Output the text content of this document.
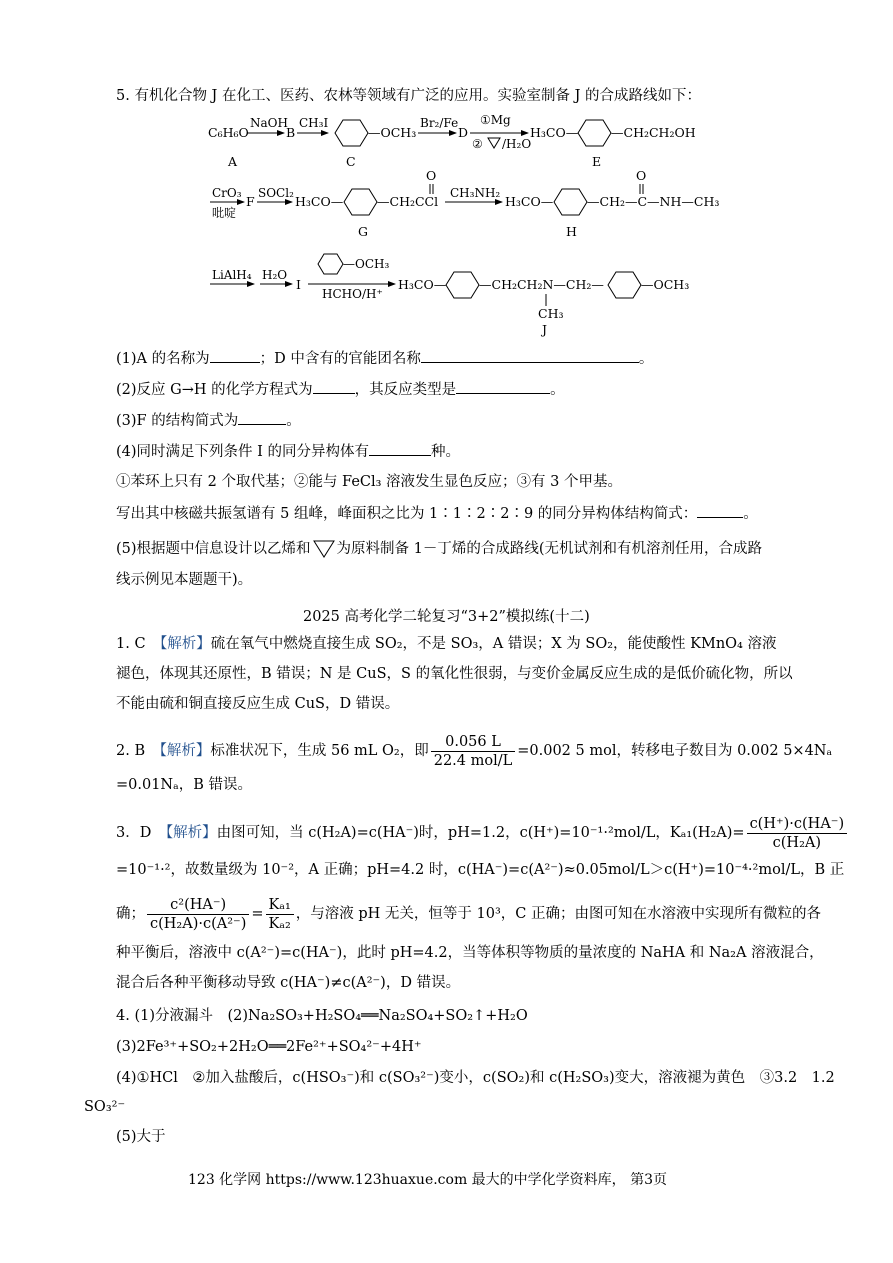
5. 有机化合物 J 在化工、医药、农林等领域有广泛的应用。实验室制备 J 的合成路线如下：
C₆H₆O
NaOH
B
CH₃I
—OCH₃
Br₂/Fe
D
①Mg
② /H₂O
H₃CO—	—CH₂CH₂OH
A	C	E
CrO₃
吡啶
F
SOCl₂
H₃CO—	—CH₂CCl
O
CH₃NH₂
H₃CO—	—CH₂—C—NH—CH₃
O
G	H
LiAlH₄ H₂O
I
—OCH₃
HCHO/H⁺
H₃CO—	—CH₂CH₂N—CH₂—	—OCH₃
CH₃
J
(1)A 的名称为	；D 中含有的官能团名称	。
(2)反应 G→H 的化学方程式为	，其反应类型是	。
(3)F 的结构简式为	。
(4)同时满足下列条件 I 的同分异构体有	种。
①苯环上只有 2 个取代基；②能与 FeCl₃ 溶液发生显色反应；③有 3 个甲基。
写出其中核磁共振氢谱有 5 组峰，峰面积之比为 1∶1∶2∶2∶9 的同分异构体结构简式：	。
(5)根据题中信息设计以乙烯和 为原料制备 1－丁烯的合成路线(无机试剂和有机溶剂任用，合成路
线示例见本题题干)。
2025 高考化学二轮复习“3+2”模拟练(十二)
1. C　 【解析】硫在氧气中燃烧直接生成 SO₂，不是 SO₃，A 错误；X 为 SO₂，能使酸性 KMnO₄ 溶液
褪色，体现其还原性，B 错误；N 是 CuS，S 的氧化性很弱，与变价金属反应生成的是低价硫化物，所以
不能由硫和铜直接反应生成 CuS，D 错误。
2. B　 【解析】标准状况下，生成 56 mL O₂，即 $\frac{0.056 L}{\text{22.4 mol/L}} =0.002$ 5 mol，转移电子数目为 0.002 5×4Nₐ
=0.01Nₐ，B 错误。
3．D　 【解析】由图可知，当 c(H₂A)=c(HA⁻)时，pH=1.2，c(H⁺)=10⁻¹·²mol/L，$K_{a1}(H_2A)= \frac{c(H^+)\cdot c(HA^-)}{\text{c(H₂A)}}$
=10⁻¹·²，故数量级为 10⁻²，A 正确；pH=4.2 时，c(HA⁻)=c(A²⁻)≈0.05mol/L＞c(H⁺)=10⁻⁴·²mol/L，B 正
确； $\frac{\text{c²(HA⁻)}}{\text{c(H₂A)·c(A²⁻)}} = \frac{\text{Kₐ₁}}{\text{Kₐ₂}}$ ，与溶液 pH 无关，恒等于 10³，C 正确；由图可知在水溶液中实现所有微粒的各
种平衡后，溶液中 c(A²⁻)=c(HA⁻)，此时 pH=4.2，当等体积等物质的量浓度的 NaHA 和 Na₂A 溶液混合，
混合后各种平衡移动导致 c(HA⁻)≠c(A²⁻)，D 错误。
4. (1)分液漏斗　(2)Na₂SO₃+H₂SO₄══Na₂SO₄+SO₂↑+H₂O
(3)2Fe³⁺+SO₂+2H₂O══2Fe²⁺+SO₄²⁻+4H⁺
(4)①HCl　②加入盐酸后，c(HSO₃⁻)和 c(SO₃²⁻)变小，c(SO₂)和 c(H₂SO₃)变大，溶液褪为黄色　③3.2　1.2
SO₃²⁻
(5)大于
123 化学网 https://www.123huaxue.com 最大的中学化学资料库， 第3页
